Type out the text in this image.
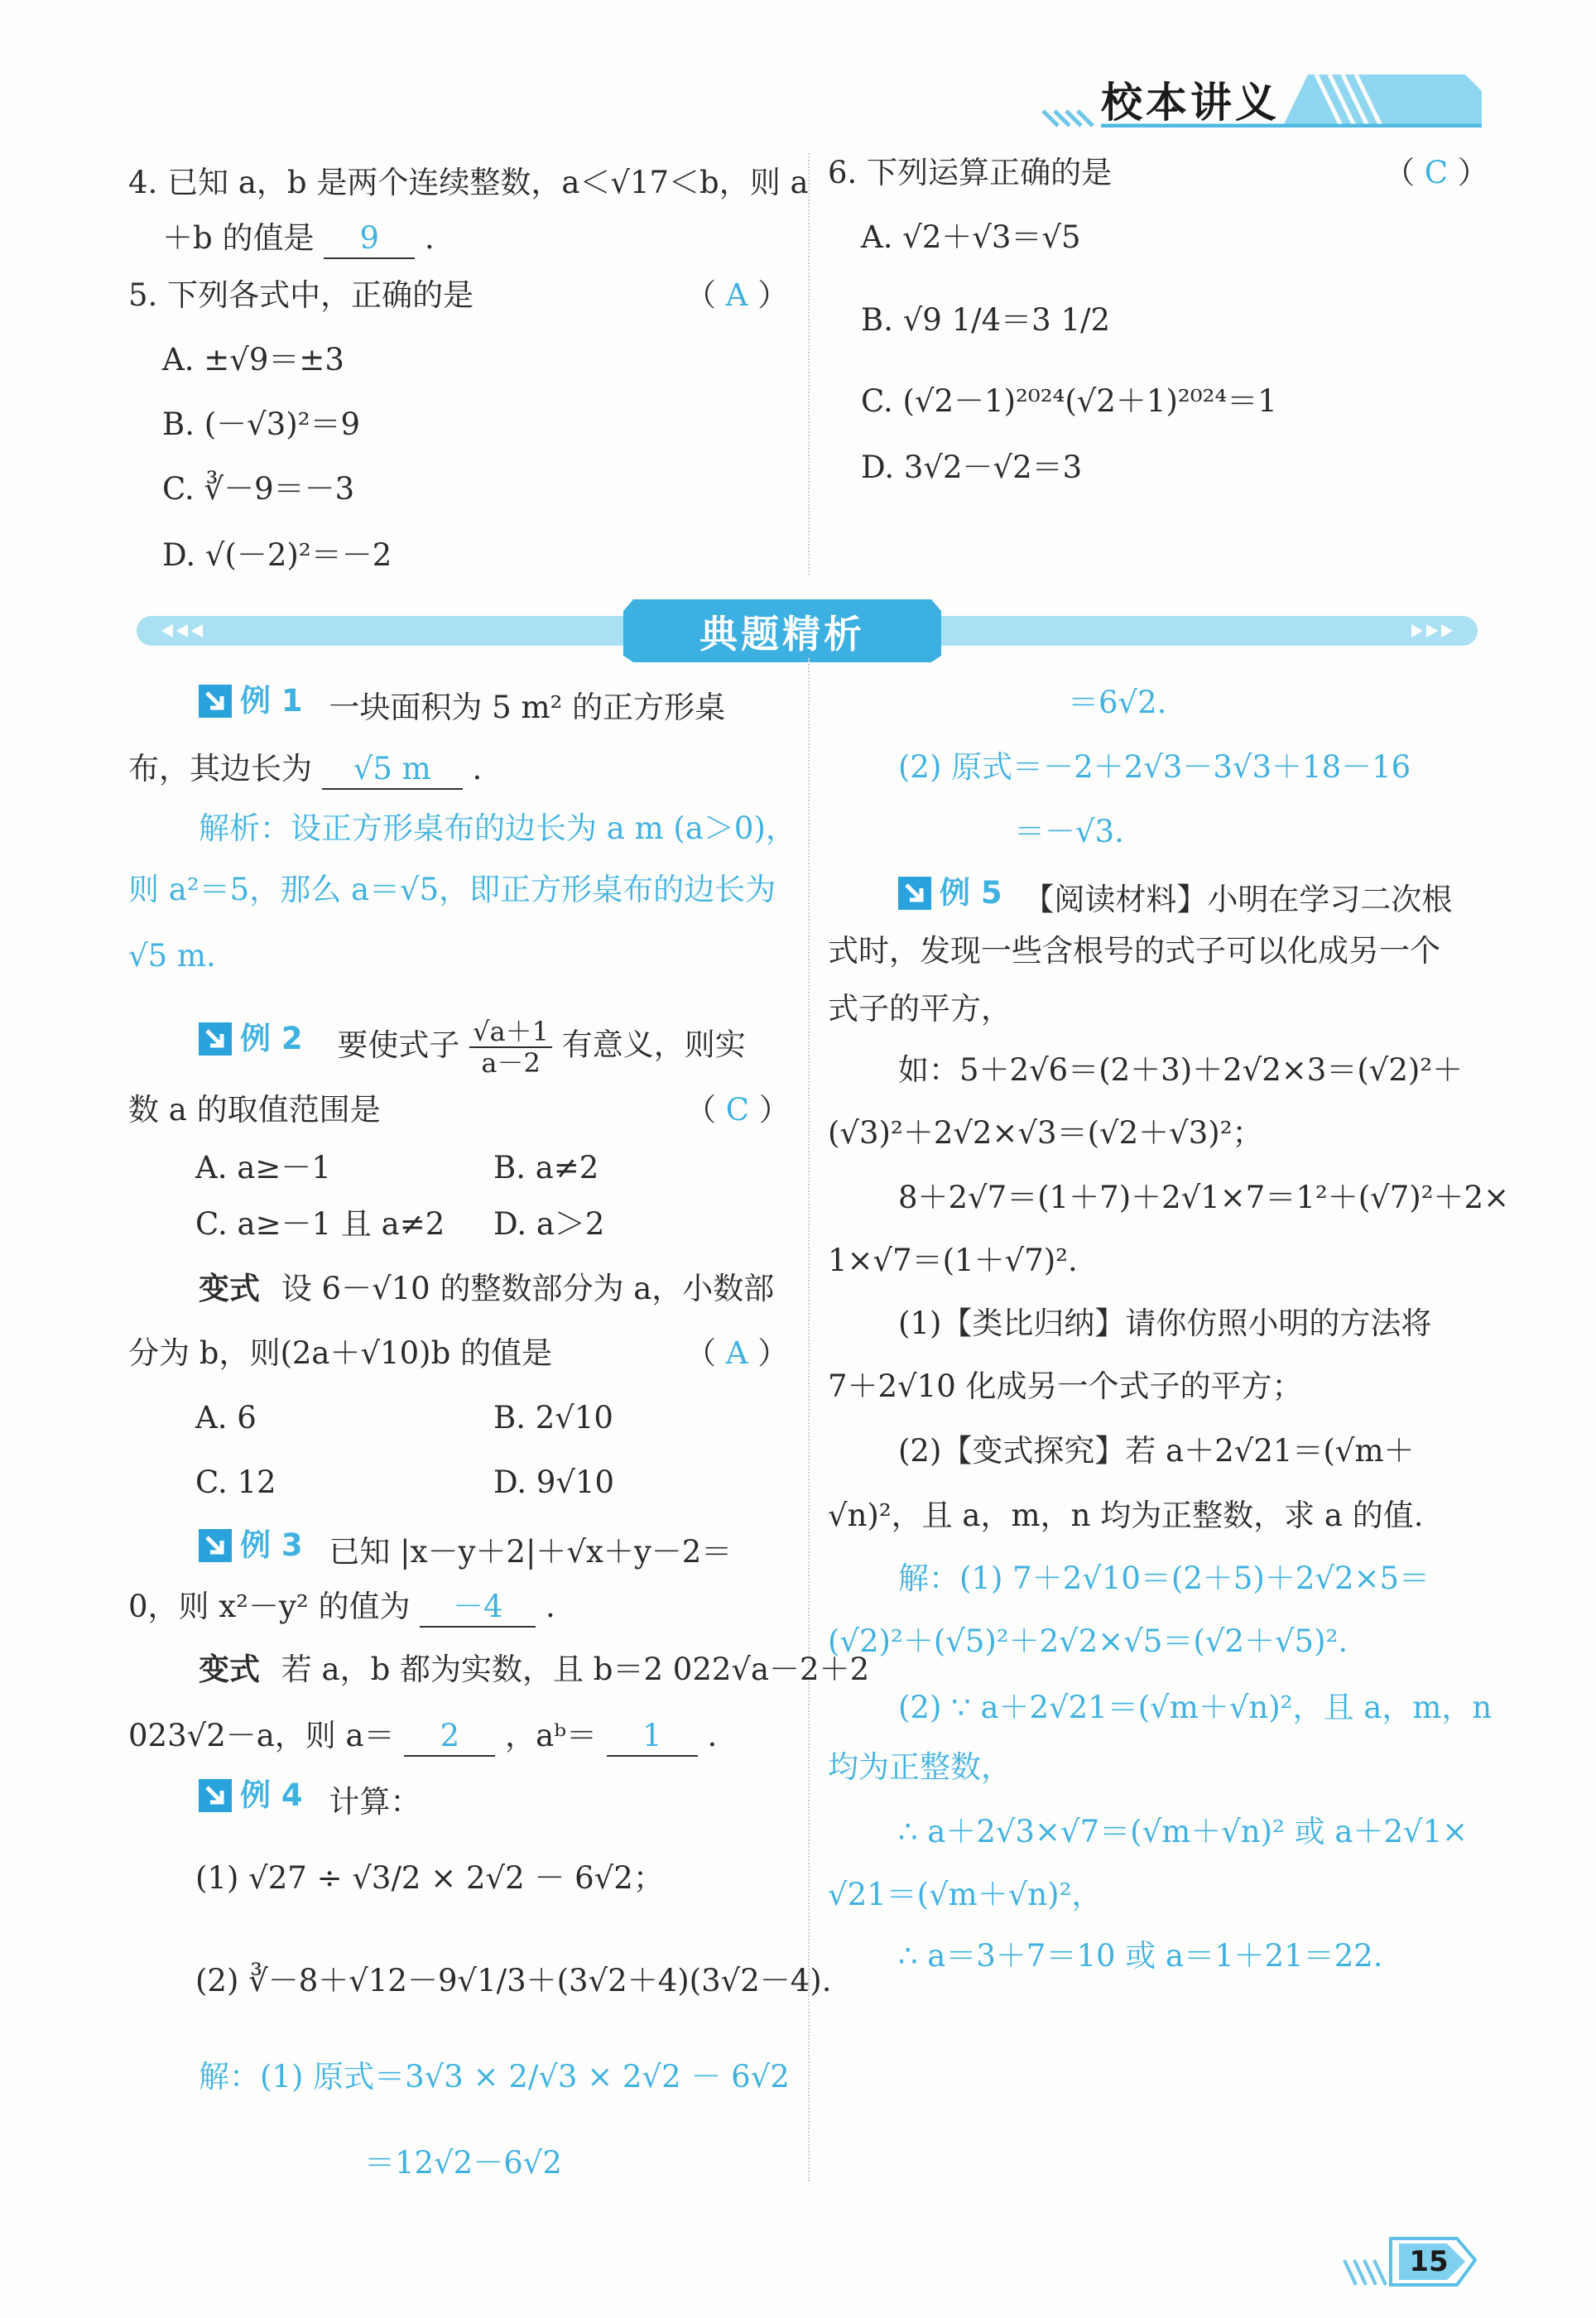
校本讲义
4. 已知 a，b 是两个连续整数，a＜√17＜b，则 a
＋b 的值是 9 .
5. 下列各式中，正确的是	（ A ）
A. ±√9＝±3
B. (－√3)²＝9
C. ∛－9＝－3
D. √(－2)²＝－2
6. 下列运算正确的是	（ C ）
A. √2＋√3＝√5
B. √9 1/4＝3 1/2
C. (√2－1)²⁰²⁴(√2＋1)²⁰²⁴＝1
D. 3√2－√2＝3
典题精析
例 1 一块面积为 5 m² 的正方形桌
布，其边长为 √5 m .
解析：设正方形桌布的边长为 a m (a＞0)，
则 a²＝5，那么 a＝√5，即正方形桌布的边长为
√5 m.
例 2 要使式子 $\frac{√a+1}{a-2}$ 有意义，则实
数 a 的取值范围是	（ C ）
A. a≥－1	B. a≠2
C. a≥－1 且 a≠2 D. a＞2
变式 设 6－√10 的整数部分为 a，小数部
分为 b，则(2a＋√10)b 的值是	（ A ）
A. 6	B. 2√10
C. 12	D. 9√10
例 3 已知 |x－y＋2|＋√x＋y－2＝
0，则 x²－y² 的值为 －4 .
变式 若 a，b 都为实数，且 b＝2 022√a－2＋2
023√2－a，则 a＝ 2 ，aᵇ＝ 1 .
例 4 计算：
(1) √27 ÷ √3/2 × 2√2 － 6√2；
(2) ∛－8＋√12－9√1/3＋(3√2＋4)(3√2－4).
解：(1) 原式＝3√3 × 2/√3 × 2√2 － 6√2
＝12√2－6√2
＝6√2.
(2) 原式＝－2＋2√3－3√3＋18－16
＝－√3.
例 5 【阅读材料】小明在学习二次根
式时，发现一些含根号的式子可以化成另一个
式子的平方，
如：5＋2√6＝(2＋3)＋2√2×3＝(√2)²＋
(√3)²＋2√2×√3＝(√2＋√3)²；
8＋2√7＝(1＋7)＋2√1×7＝1²＋(√7)²＋2×
1×√7＝(1＋√7)².
(1)【类比归纳】请你仿照小明的方法将
7＋2√10 化成另一个式子的平方；
(2)【变式探究】若 a＋2√21＝(√m＋
√n)²，且 a，m，n 均为正整数，求 a 的值.
解：(1) 7＋2√10＝(2＋5)＋2√2×5＝
(√2)²＋(√5)²＋2√2×√5＝(√2＋√5)².
(2) ∵ a＋2√21＝(√m＋√n)²，且 a，m，n
均为正整数，
∴ a＋2√3×√7＝(√m＋√n)² 或 a＋2√1×
√21＝(√m＋√n)²，
∴ a＝3＋7＝10 或 a＝1＋21＝22.
15
